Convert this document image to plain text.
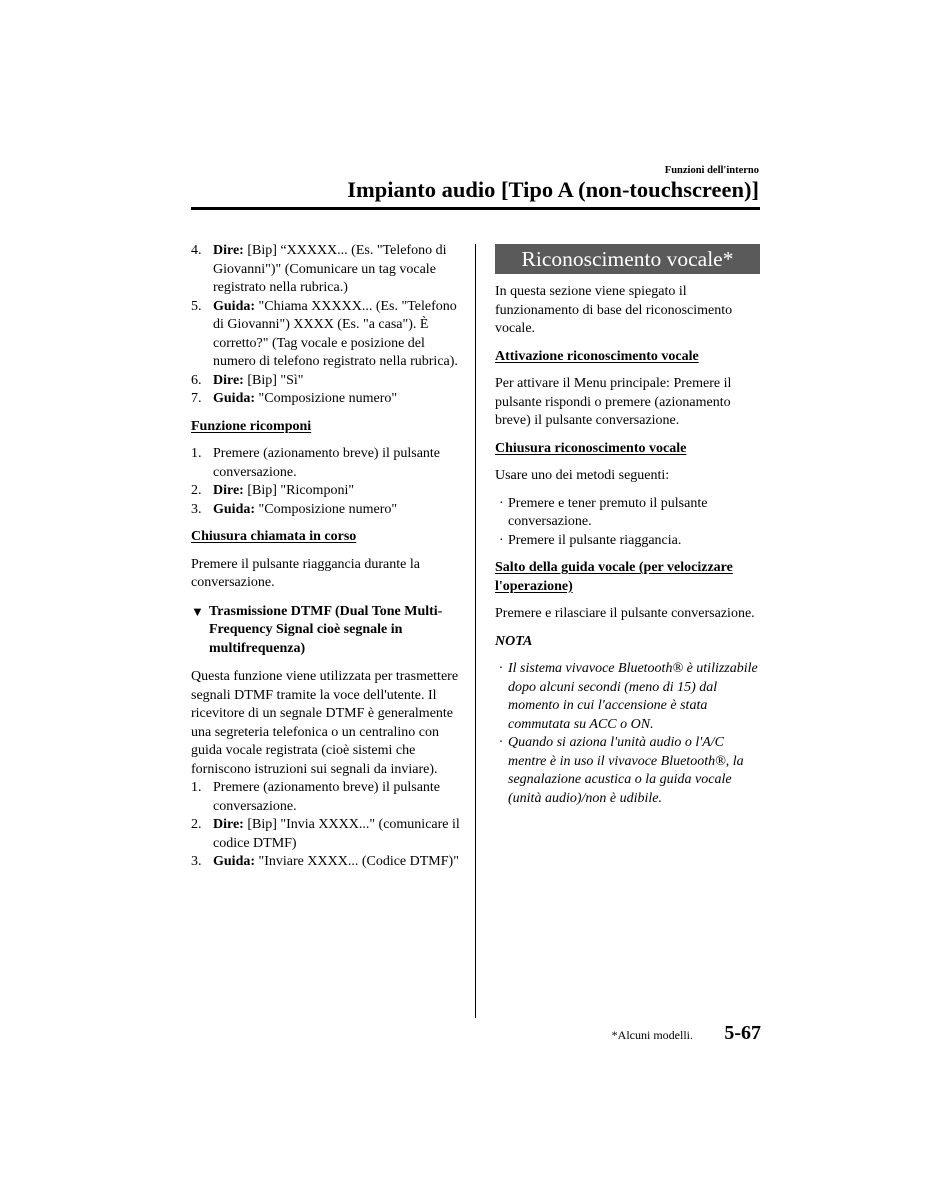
Funzioni dell'interno
Impianto audio [Tipo A (non-touchscreen)]

4. Dire: [Bip] “XXXXX... (Es. "Telefono di Giovanni")" (Comunicare un tag vocale registrato nella rubrica.)

5. Guida: "Chiama XXXXX... (Es. "Telefono di Giovanni") XXXX (Es. "a casa"). È corretto?" (Tag vocale e posizione del numero di telefono registrato nella rubrica).

6. Dire: [Bip] "Sì"

7. Guida: "Composizione numero"

Funzione ricomponi

1. Premere (azionamento breve) il pulsante conversazione.

2. Dire: [Bip] "Ricomponi"

3. Guida: "Composizione numero"

Chiusura chiamata in corso

Premere il pulsante riaggancia durante la conversazione.

▼ Trasmissione DTMF (Dual Tone Multi-Frequency Signal cioè segnale in multifrequenza)

Questa funzione viene utilizzata per trasmettere segnali DTMF tramite la voce dell'utente. Il ricevitore di un segnale DTMF è generalmente una segreteria telefonica o un centralino con guida vocale registrata (cioè sistemi che forniscono istruzioni sui segnali da inviare).

1. Premere (azionamento breve) il pulsante conversazione.

2. Dire: [Bip] "Invia XXXX..." (comunicare il codice DTMF)

3. Guida: "Inviare XXXX... (Codice DTMF)"

Riconoscimento vocale*

In questa sezione viene spiegato il funzionamento di base del riconoscimento vocale.

Attivazione riconoscimento vocale

Per attivare il Menu principale: Premere il pulsante rispondi o premere (azionamento breve) il pulsante conversazione.

Chiusura riconoscimento vocale

Usare uno dei metodi seguenti:

· Premere e tener premuto il pulsante conversazione.

· Premere il pulsante riaggancia.

Salto della guida vocale (per velocizzare l'operazione)

Premere e rilasciare il pulsante conversazione.

NOTA

· Il sistema vivavoce Bluetooth® è utilizzabile dopo alcuni secondi (meno di 15) dal momento in cui l'accensione è stata commutata su ACC o ON.

· Quando si aziona l'unità audio o l'A/C mentre è in uso il vivavoce Bluetooth®, la segnalazione acustica o la guida vocale (unità audio)/non è udibile.

*Alcuni modelli.	5-67
